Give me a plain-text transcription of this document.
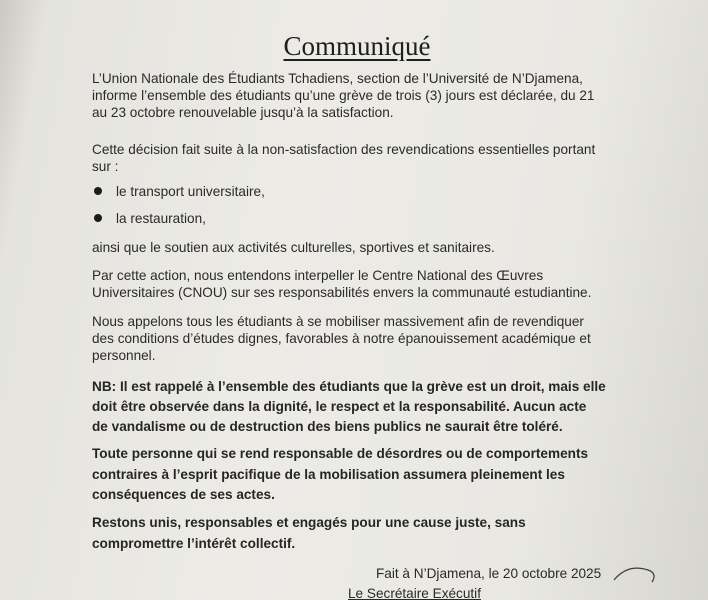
Communiqué
L’Union Nationale des Étudiants Tchadiens, section de l’Université de N’Djamena,
informe l’ensemble des étudiants qu’une grève de trois (3) jours est déclarée, du 21
au 23 octobre renouvelable jusqu’à la satisfaction.
Cette décision fait suite à la non-satisfaction des revendications essentielles portant
sur :
le transport universitaire,
la restauration,
ainsi que le soutien aux activités culturelles, sportives et sanitaires.
Par cette action, nous entendons interpeller le Centre National des Œuvres
Universitaires (CNOU) sur ses responsabilités envers la communauté estudiantine.
Nous appelons tous les étudiants à se mobiliser massivement afin de revendiquer
des conditions d’études dignes, favorables à notre épanouissement académique et
personnel.
NB: Il est rappelé à l’ensemble des étudiants que la grève est un droit, mais elle
doit être observée dans la dignité, le respect et la responsabilité. Aucun acte
de vandalisme ou de destruction des biens publics ne saurait être toléré.
Toute personne qui se rend responsable de désordres ou de comportements
contraires à l’esprit pacifique de la mobilisation assumera pleinement les
conséquences de ses actes.
Restons unis, responsables et engagés pour une cause juste, sans
compromettre l’intérêt collectif.
Fait à N’Djamena, le 20 octobre 2025
Le Secrétaire Exécutif
